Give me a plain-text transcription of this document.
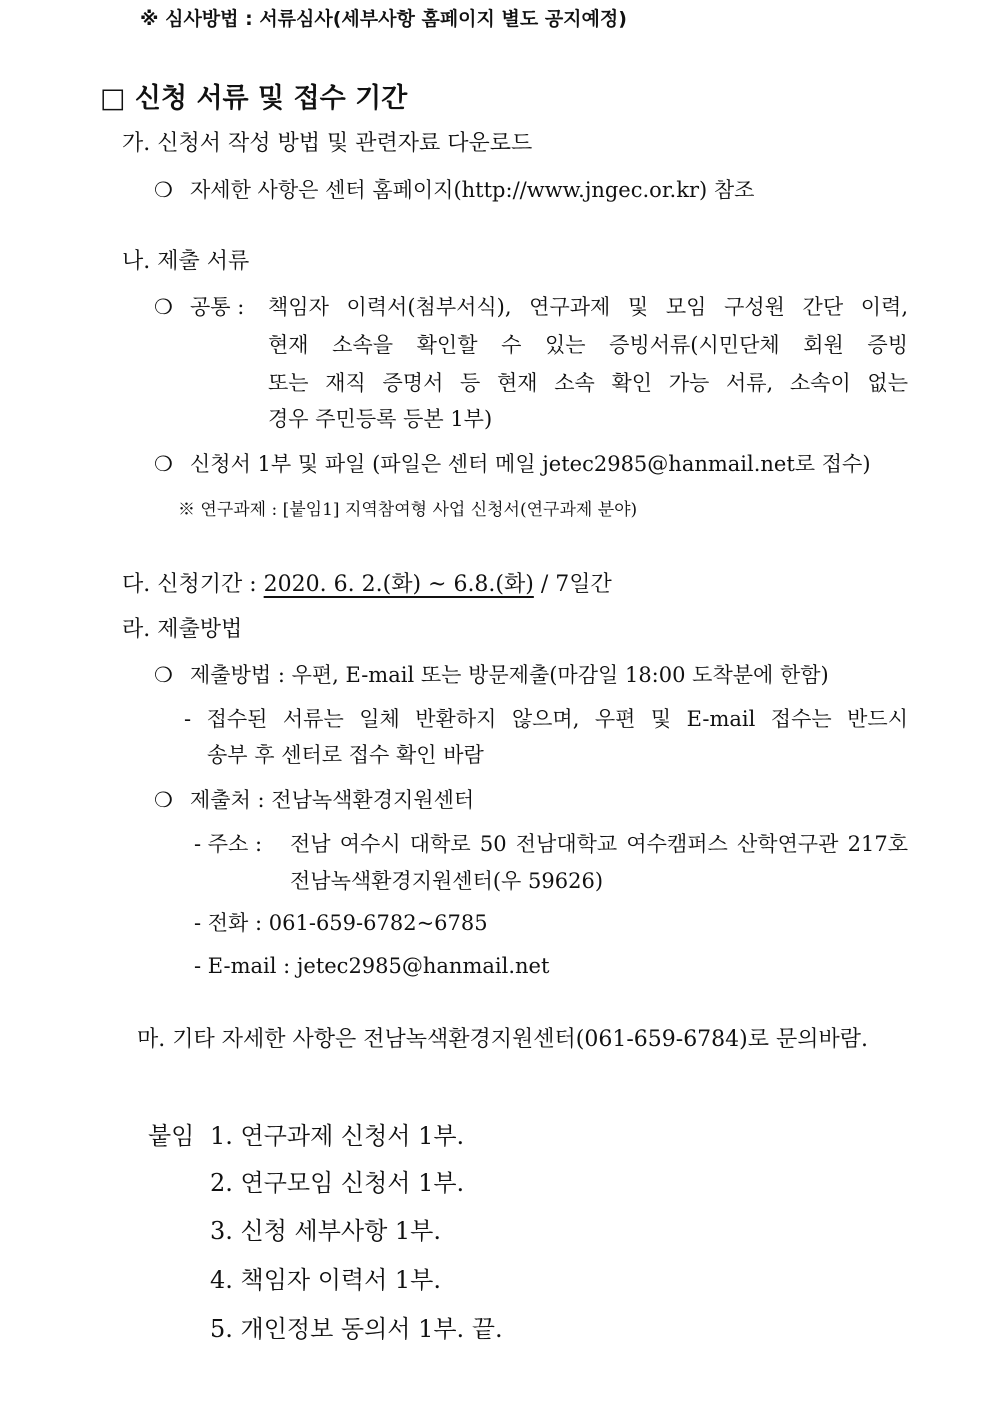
※ 심사방법 : 서류심사(세부사항 홈페이지 별도 공지예정)
□ 신청 서류 및 접수 기간
가. 신청서 작성 방법 및 관련자료 다운로드
❍ 자세한 사항은 센터 홈페이지(http://www.jngec.or.kr) 참조
나. 제출 서류
❍ 공통 : 책임자 이력서(첨부서식), 연구과제 및 모임 구성원 간단 이력,
현재 소속을 확인할 수 있는 증빙서류(시민단체 회원 증빙
또는 재직 증명서 등 현재 소속 확인 가능 서류, 소속이 없는
경우 주민등록 등본 1부)
❍ 신청서 1부 및 파일 (파일은 센터 메일 jetec2985@hanmail.net로 접수)
※ 연구과제 : [붙임1] 지역참여형 사업 신청서(연구과제 분야)
다. 신청기간 : 2020. 6. 2.(화) ~ 6.8.(화) / 7일간
라. 제출방법
❍ 제출방법 : 우편, E-mail 또는 방문제출(마감일 18:00 도착분에 한함)
- 접수된 서류는 일체 반환하지 않으며, 우편 및 E-mail 접수는 반드시
송부 후 센터로 접수 확인 바람
❍ 제출처 : 전남녹색환경지원센터
- 주소 : 전남 여수시 대학로 50 전남대학교 여수캠퍼스 산학연구관 217호
전남녹색환경지원센터(우 59626)
- 전화 : 061-659-6782~6785
- E-mail : jetec2985@hanmail.net
마. 기타 자세한 사항은 전남녹색환경지원센터(061-659-6784)로 문의바람.
붙임 1. 연구과제 신청서 1부.
2. 연구모임 신청서 1부.
3. 신청 세부사항 1부.
4. 책임자 이력서 1부.
5. 개인정보 동의서 1부. 끝.
